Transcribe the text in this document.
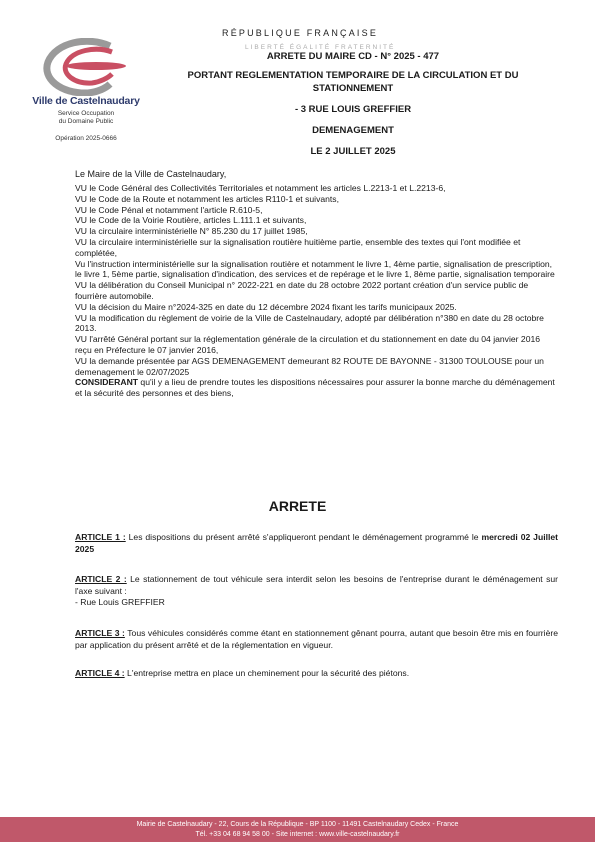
Ville de Castelnaudary
Service Occupation
du Domaine Public
Opération 2025-0666
RÉPUBLIQUE FRANÇAISE
LIBERTÉ ÉGALITÉ FRATERNITÉ
ARRETE DU MAIRE CD - N° 2025 - 477
PORTANT REGLEMENTATION TEMPORAIRE DE LA CIRCULATION ET DU
STATIONNEMENT
- 3 RUE LOUIS GREFFIER
DEMENAGEMENT
LE 2 JUILLET 2025
Le Maire de la Ville de Castelnaudary,

VU le Code Général des Collectivités Territoriales et notamment les articles L.2213-1 et L.2213-6,

VU le Code de la Route et notamment les articles R110-1 et suivants,

VU le Code Pénal et notamment l'article R.610-5,

VU le Code de la Voirie Routière, articles L.111.1 et suivants,

VU la circulaire interministérielle N° 85.230 du 17 juillet 1985,

VU la circulaire interministérielle sur la signalisation routière huitième partie, ensemble des textes qui l'ont modifiée et complétée,

Vu l'instruction interministérielle sur la signalisation routière et notamment le livre 1, 4ème partie, signalisation de prescription, le livre 1, 5ème partie, signalisation d'indication, des services et de repérage et le livre 1, 8ème partie, signalisation temporaire

VU la délibération du Conseil Municipal n° 2022-221 en date du 28 octobre 2022 portant création d'un service public de fourrière automobile.

VU la décision du Maire n°2024-325 en date du 12 décembre 2024 fixant les tarifs municipaux 2025.

VU la modification du règlement de voirie de la Ville de Castelnaudary, adopté par délibération n°380 en date du 28 octobre 2013.

VU l'arrêté Général portant sur la réglementation générale de la circulation et du stationnement en date du 04 janvier 2016 reçu en Préfecture le 07 janvier 2016,

VU la demande présentée par AGS DEMENAGEMENT demeurant 82 ROUTE DE BAYONNE - 31300 TOULOUSE pour un demenagement le 02/07/2025

CONSIDERANT qu'il y a lieu de prendre toutes les dispositions nécessaires pour assurer la bonne marche du déménagement et la sécurité des personnes et des biens,

ARRETE
ARTICLE 1 : Les dispositions du présent arrêté s'appliqueront pendant le déménagement programmé le mercredi 02 Juillet 2025
ARTICLE 2 : Le stationnement de tout véhicule sera interdit selon les besoins de l'entreprise durant le déménagement sur l'axe suivant :
- Rue Louis GREFFIER
ARTICLE 3 : Tous véhicules considérés comme étant en stationnement gênant pourra, autant que besoin être mis en fourrière par application du présent arrêté et de la réglementation en vigueur.
ARTICLE 4 : L'entreprise mettra en place un cheminement pour la sécurité des piétons.
Mairie de Castelnaudary - 22, Cours de la République - BP 1100 - 11491 Castelnaudary Cedex - France
Tél. +33 04 68 94 58 00 - Site internet : www.ville-castelnaudary.fr
